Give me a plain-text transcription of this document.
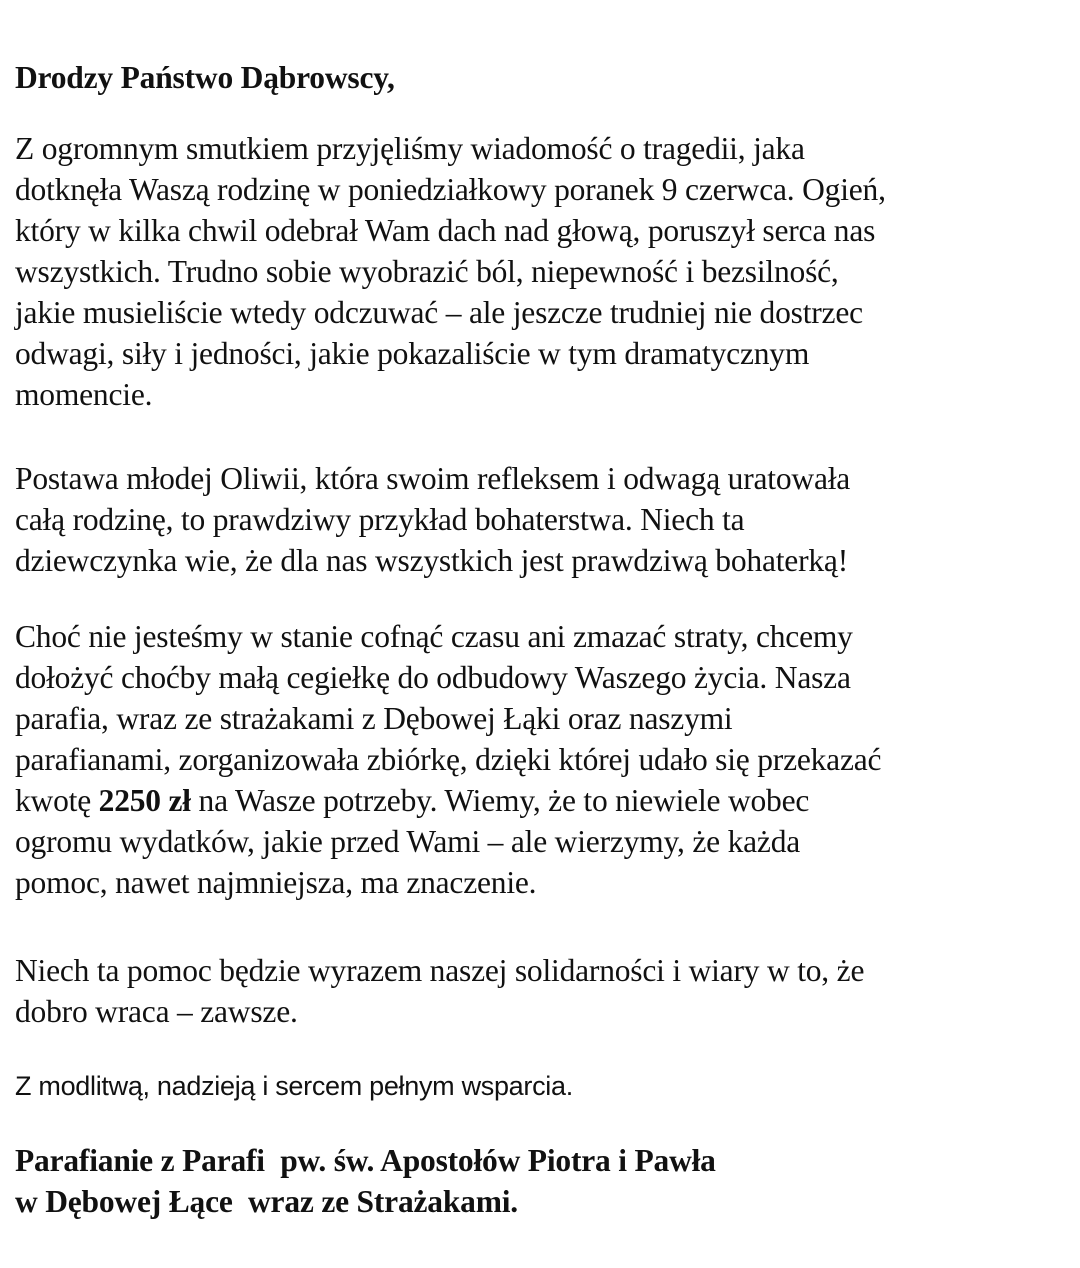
Drodzy Państwo Dąbrowscy,

Z ogromnym smutkiem przyjęliśmy wiadomość o tragedii, jaka
dotknęła Waszą rodzinę w poniedziałkowy poranek 9 czerwca. Ogień,
który w kilka chwil odebrał Wam dach nad głową, poruszył serca nas
wszystkich. Trudno sobie wyobrazić ból, niepewność i bezsilność,
jakie musieliście wtedy odczuwać – ale jeszcze trudniej nie dostrzec
odwagi, siły i jedności, jakie pokazaliście w tym dramatycznym
momencie.

Postawa młodej Oliwii, która swoim refleksem i odwagą uratowała
całą rodzinę, to prawdziwy przykład bohaterstwa. Niech ta
dziewczynka wie, że dla nas wszystkich jest prawdziwą bohaterką!

Choć nie jesteśmy w stanie cofnąć czasu ani zmazać straty, chcemy
dołożyć choćby małą cegiełkę do odbudowy Waszego życia. Nasza
parafia, wraz ze strażakami z Dębowej Łąki oraz naszymi
parafianami, zorganizowała zbiórkę, dzięki której udało się przekazać
kwotę 2250 zł na Wasze potrzeby. Wiemy, że to niewiele wobec
ogromu wydatków, jakie przed Wami – ale wierzymy, że każda
pomoc, nawet najmniejsza, ma znaczenie.

Niech ta pomoc będzie wyrazem naszej solidarności i wiary w to, że
dobro wraca – zawsze.

Z modlitwą, nadzieją i sercem pełnym wsparcia.

Parafianie z Parafi  pw. św. Apostołów Piotra i Pawła
w Dębowej Łące  wraz ze Strażakami.
